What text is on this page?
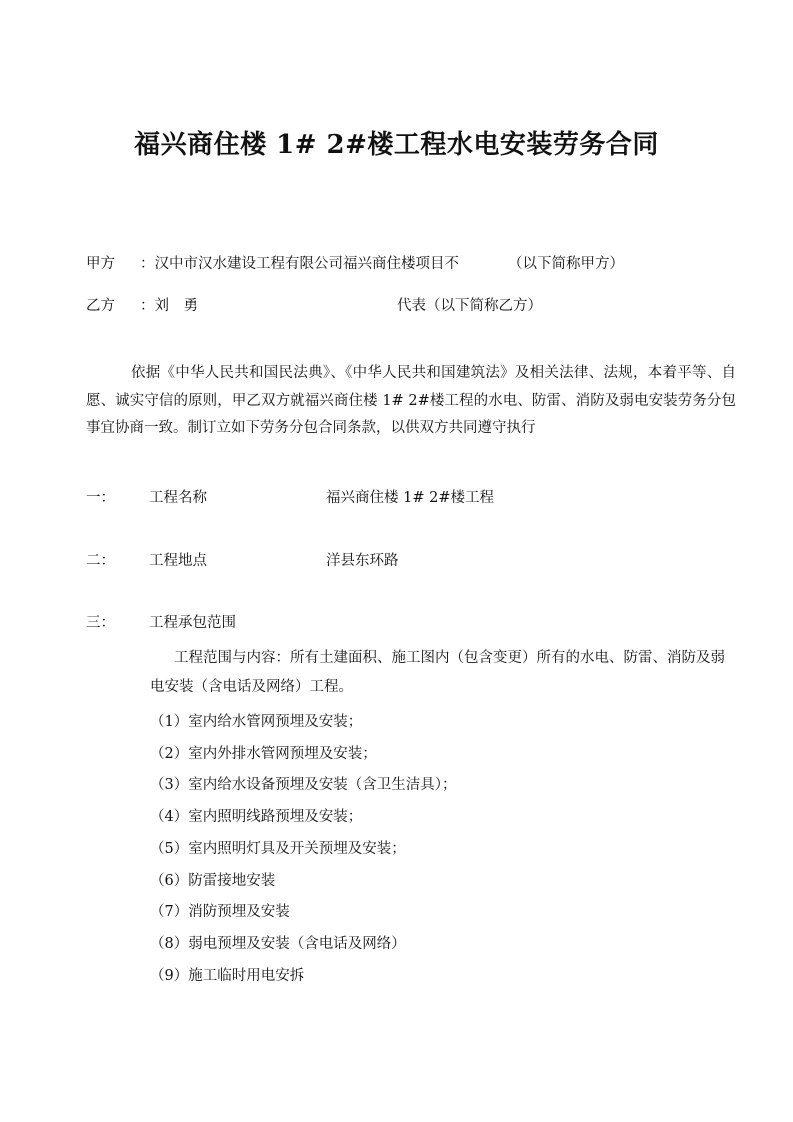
福兴商住楼 1# 2#楼工程水电安装劳务合同
甲方 ：汉中市汉水建设工程有限公司福兴商住楼项目不	（以下简称甲方）
乙方 ：刘　勇	代表（以下简称乙方）
依据《中华人民共和国民法典》、《中华人民共和国建筑法》及相关法律、法规，本着平等、自愿、诚实守信的原则，甲乙双方就福兴商住楼 1# 2#楼工程的水电、防雷、消防及弱电安装劳务分包事宜协商一致。制订立如下劳务分包合同条款，以供双方共同遵守执行
一： 工程名称	福兴商住楼 1# 2#楼工程
二： 工程地点	洋县东环路
三： 工程承包范围
工程范围与内容：所有土建面积、施工图内（包含变更）所有的水电、防雷、消防及弱电安装（含电话及网络）工程。
（1）室内给水管网预埋及安装；
（2）室内外排水管网预埋及安装；
（3）室内给水设备预埋及安装（含卫生洁具）；
（4）室内照明线路预埋及安装；
（5）室内照明灯具及开关预埋及安装；
（6）防雷接地安装
（7）消防预埋及安装
（8）弱电预埋及安装（含电话及网络）
（9）施工临时用电安拆
